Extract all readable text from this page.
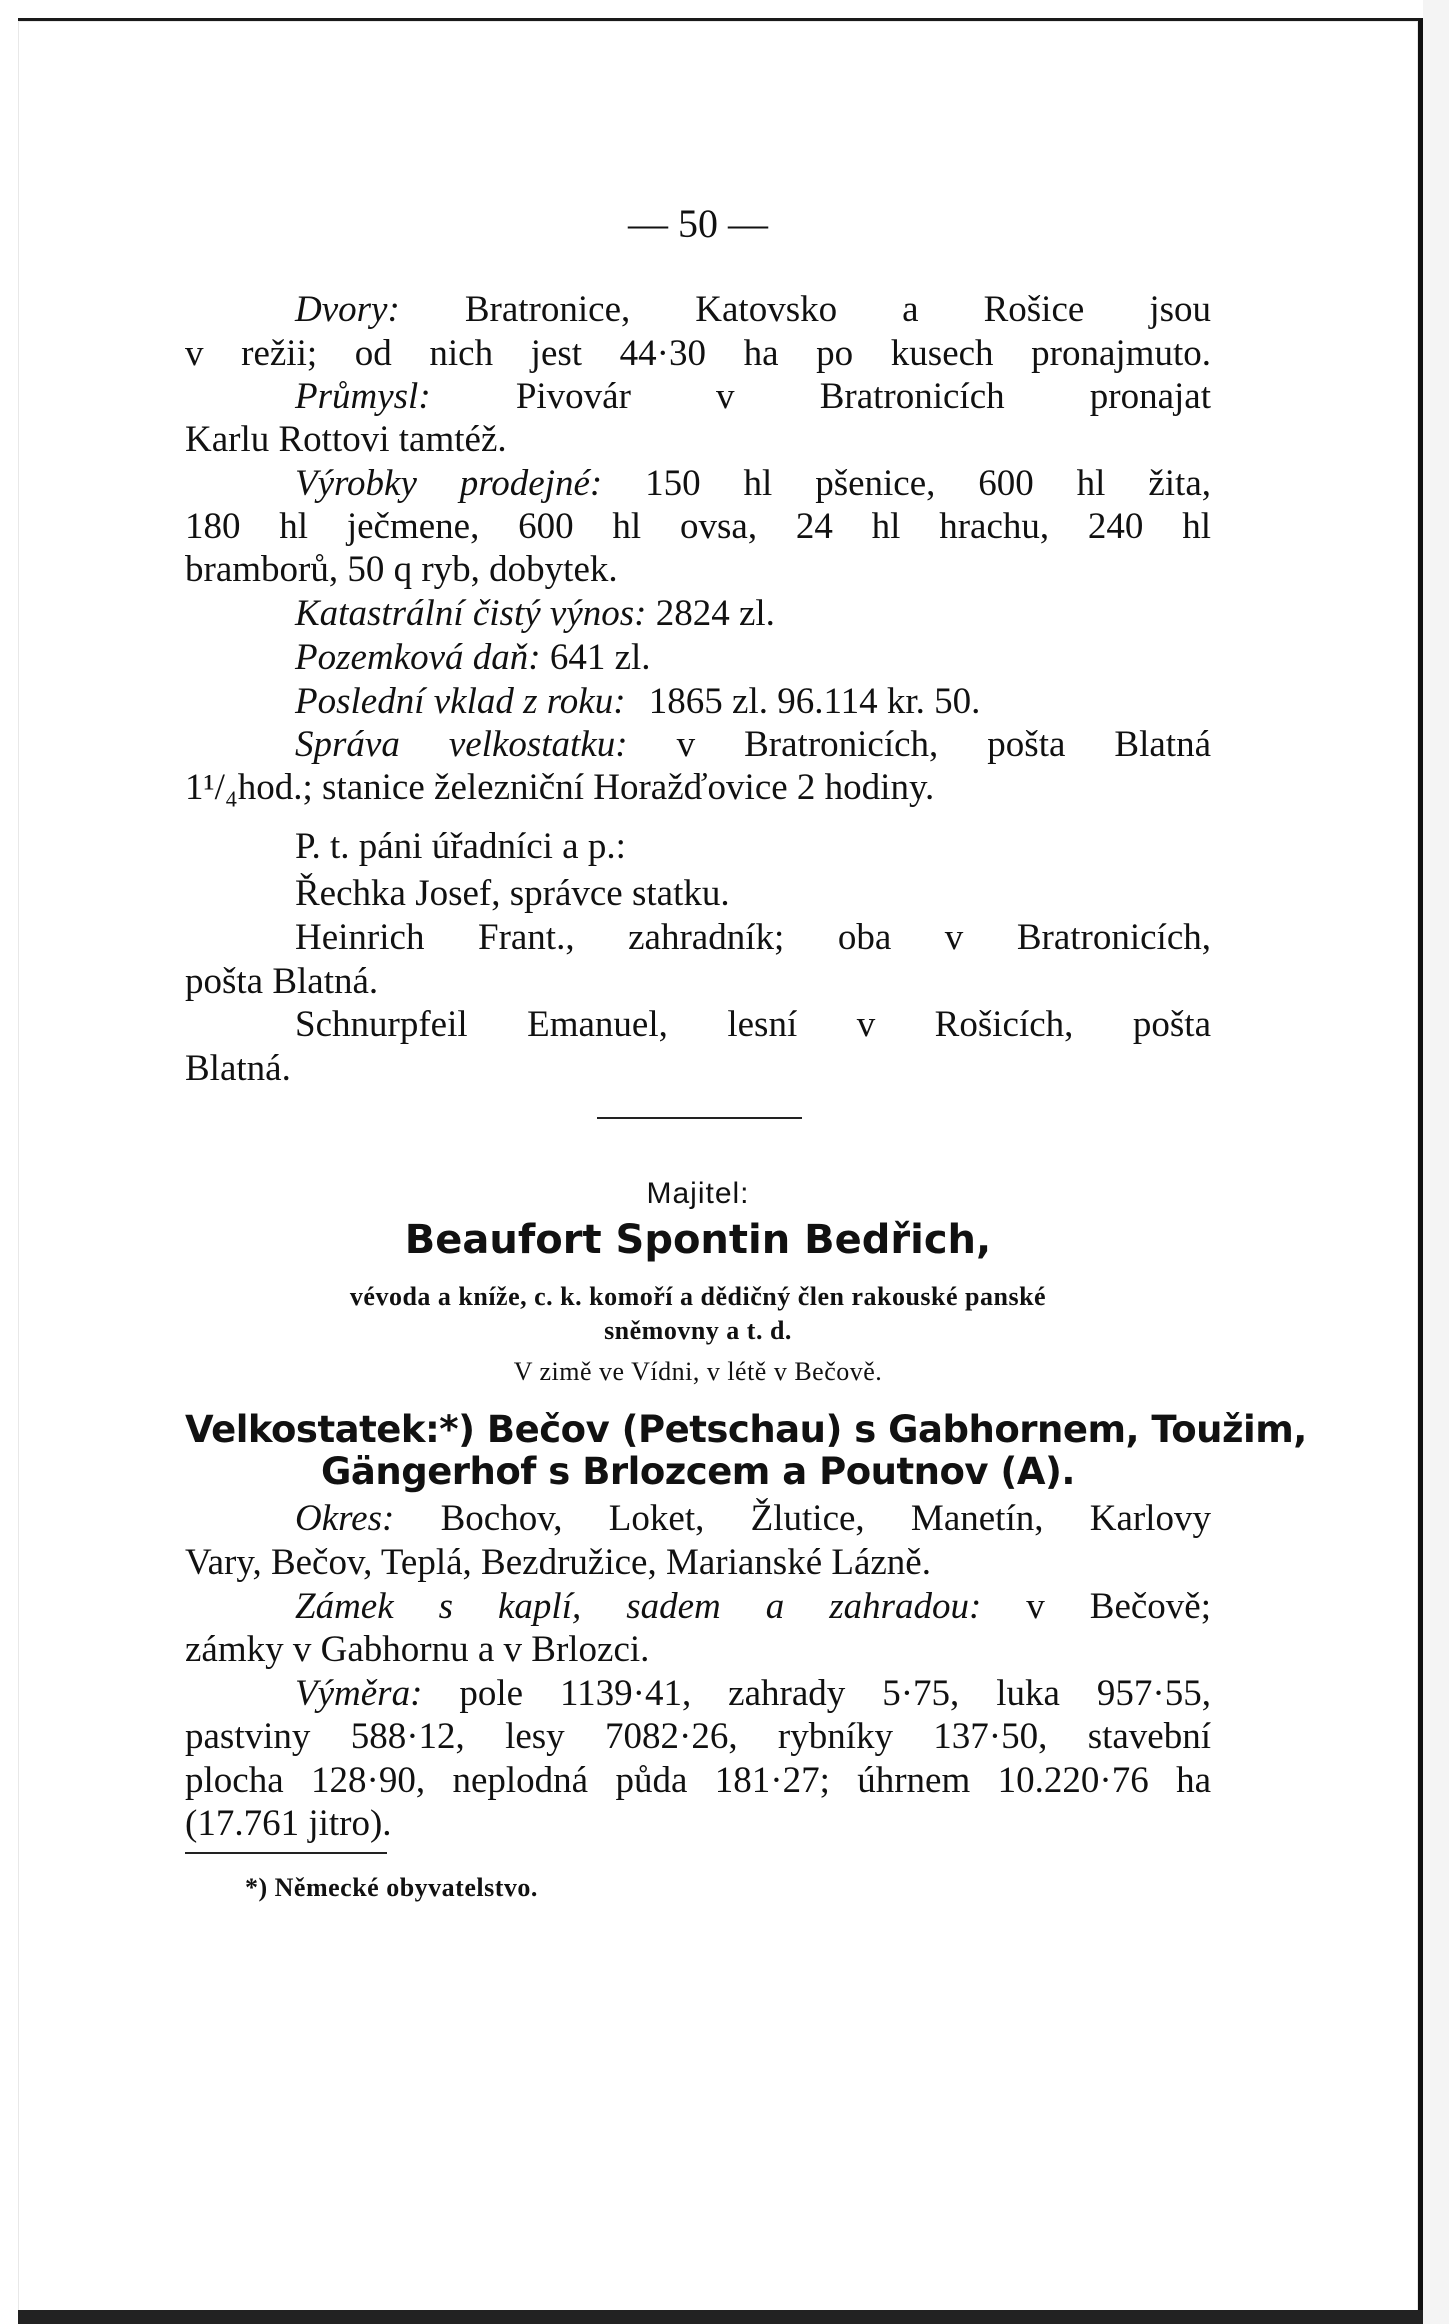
— 50 —
Dvory: Bratronice, Katovsko a Rošice jsou
v režii; od nich jest 44·30 ha po kusech pronajmuto.
Průmysl: Pivovár v Bratronicích pronajat
Karlu Rottovi tamtéž.
Výrobky prodejné: 150 hl pšenice, 600 hl žita,
180 hl ječmene, 600 hl ovsa, 24 hl hrachu, 240 hl
bramborů, 50 q ryb, dobytek.
Katastrální čistý výnos: 2824 zl.
Pozemková daň: 641 zl.
Poslední vklad z roku: 1865 zl. 96.114 kr. 50.
Správa velkostatku: v Bratronicích, pošta Blatná
1¹/₄hod.; stanice železniční Horažďovice 2 hodiny.
P. t. páni úřadníci a p.:
Řechka Josef, správce statku.
Heinrich Frant., zahradník; oba v Bratronicích,
pošta Blatná.
Schnurpfeil Emanuel, lesní v Rošicích, pošta
Blatná.
Majitel:
Beaufort Spontin Bedřich,
vévoda a kníže, c. k. komoří a dědičný člen rakouské panské
sněmovny a t. d.
V zimě ve Vídni, v létě v Bečově.
Velkostatek:*) Bečov (Petschau) s Gabhornem, Toužim,
Gängerhof s Brlozcem a Poutnov (A).
Okres: Bochov, Loket, Žlutice, Manetín, Karlovy
Vary, Bečov, Teplá, Bezdružice, Marianské Lázně.
Zámek s kaplí, sadem a zahradou: v Bečově;
zámky v Gabhornu a v Brlozci.
Výměra: pole 1139·41, zahrady 5·75, luka 957·55,
pastviny 588·12, lesy 7082·26, rybníky 137·50, stavební
plocha 128·90, neplodná půda 181·27; úhrnem 10.220·76 ha
(17.761 jitro).
*) Německé obyvatelstvo.
